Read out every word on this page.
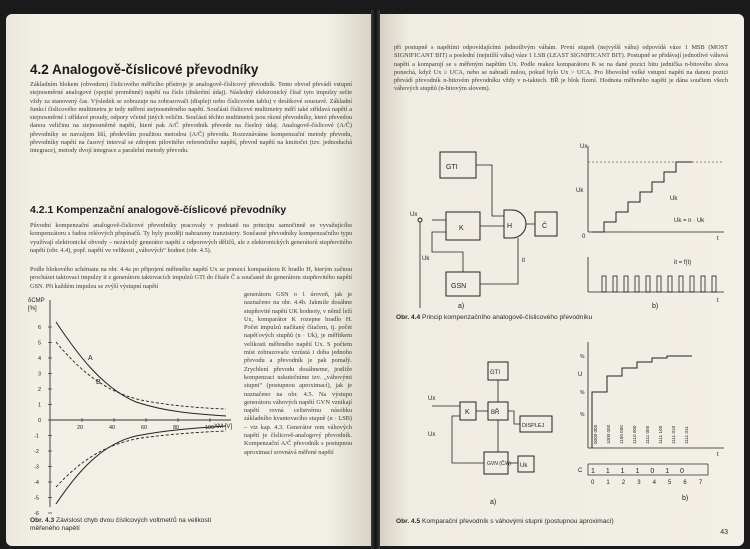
4.2 Analogově-číslicové převodníky

Základním blokem (obvodem) číslicového měřicího přístroje je analogově-číslicový převodník. Tento obvod převádí vstupní stejnosměrné analogové (spojité proměnné) napětí na číslo (diskrétní údaj). Následný elektronický čítač tyto impulzy sečte vždy za stanovený čas. Výsledek se zobrazuje na zobrazovači (displeji nebo číslicovém tablu) v desítkové soustavě. Základní funkcí číslicového multimetru je tedy měření stejnosměrného napětí. Součástí číslicové multimetry měří také střídavá napětí a stejnosměrné i střídavé proudy, odpory včetně jiných veličin. Součástí těchto multimetrů jsou různé převodníky, které převedou danou veličinu na stejnosměrné napětí, které pak A/Č převodník převede na číselný údaj. Analogově-číslicové (A/Č) převodníky se navzájem liší, především použitou metodou (A/Č) převodu. Rozeznáváme kompenzační metody převodu, převodníky napětí na časový interval se zdrojem pilovitého referenčního napětí, převod napětí na kmitočet (tzv. jednoduchá integrace), metody dvojí integrace a paralelní metody převodu.

4.2.1 Kompenzační analogově-číslicové převodníky

Původní kompenzační analogově-číslicové převodníky pracovaly v podstatě na principu samočinně se vyvažujícího kompenzátoru s řadou reléových přepínačů. Ty byly později nahrazeny tranzistory. Současné převodníky kompenzačního typu využívají elektronické obvody – nezávislý generátor napětí z odporových děličů, ale z elektronických generátorů stupňovitého napětí (obr. 4.4), popř. napětí ve velikosti „váhových“ hodnot (obr. 4.5).

Podle blokového schématu na obr. 4.4a po připojení měřeného napětí Ux se pomocí komparátoru K hradlo H, kterým začnou procházet taktovací impulzy it z generátoru taktovacích impulzů GTI do čítače Č a současně do generátoru stupňovitého napětí GSN. Při každém impulzu se zvýší výstupní napětí

generátoru GSN o 1 úroveň, jak je naznačeno na obr. 4.4b. Jakmile dosáhne stupňovité napětí UK hodnoty, v němž leží Ux, komparátor K rozepne hradlo H. Počet impulzů načítaný čítačem, tj. počet napěťových stupňů (n · Uk), je měřítkem velikosti měřeného napětí Ux. S počtem míst zobrazovače vzrůstá i doba jednoho převodu a převodník je pak pomalý. Zrychlení převodu dosáhneme, jestliže kompenzaci uskutečníme tzv. „váhovými stupni“ (postupnou aproximací), jak je naznačeno na obr. 4.5. Na výstupu generátoru váhových napětí GVN vznikají napětí rovná celistvému násobku základního kvantovacího stupně (n · LSB) – viz kap. 4.3. Generátor rem váhových napětí je číslicově-analogový převodník. Kompenzační A/Č převodník s postupnou aproximací srovnává měřené napětí

6
5
4
3
2
1
0
-1
-2
-3
-4
-5
-6
20	40	60	80	100
δCMP
[%]
XM [V]
A
B
Obr. 4.3 Závislost chyb dvou číslicových voltmetrů na velikosti měřeného napětí

při postupně s napětími odpovídajícími jednotlivým váhám. První stupeň (nejvyšší váhu) odpovídá váze 1 MSB (MOST SIGNIFICANT BIT) a poslední (nejnižší váha) váze 1 LSB (LEAST SIGNIFICANT BIT). Postupně se přidávají jednotlivé váhová napětí a komparují se s měřeným napětím Ux. Podle reakce komparátoru K se na dané pozici bitu jednička n-bitového slova ponechá, když Ux ≥ UCA, nebo se nahradí nulou, pokud bylo Ux > UCA. Pro libovolně velké vstupní napětí na danou pozici převádí převodník n-bitovém převodníku vždy v n-taktech. BŘ je blok řízení. Hodnota měřeného napětí je dána součtem všech váhových stupňů (n-bitovým slovem).

GTI
K	H	Č
GSN
Ux
Uk	it
a)
Ux
Uk
Uk
Uk = n · Uk
0	t
it = f(t)
t
b)
Obr. 4.4 Princip kompenzačního analogově-číslicového převodníku
GTI
K	BŘ
DISPLEJ
GVN (Č/A) Uk
Ux
Ux
a)
0000 000 1000 000 1100 000 1110 000 1111 000 1111 100 1111 010 1111 011
U
%
%
%
t
C 1 1 1 1 0 1 0
0 1 2 3 4 5 6 7
b)
Obr. 4.5 Komparační převodník s váhovými stupni (postupnou aproximací)
43
